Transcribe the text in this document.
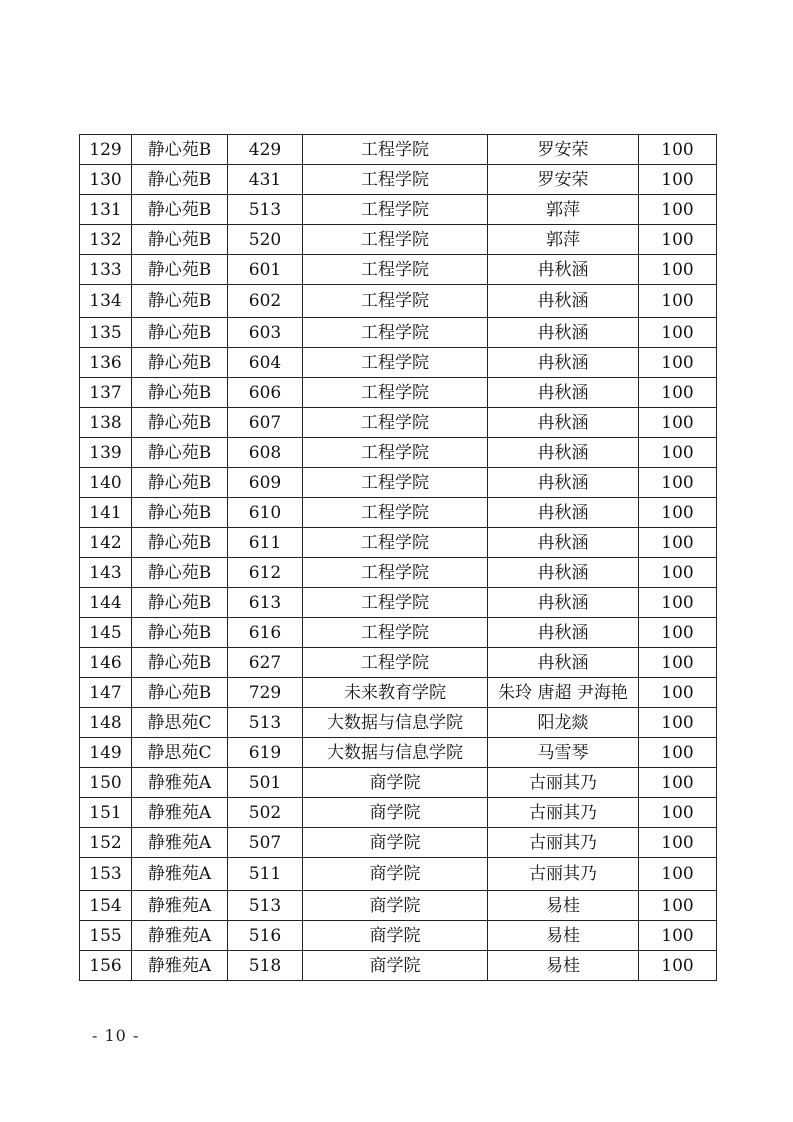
129	静心苑B	429	工程学院	罗安荣	100
130	静心苑B	431	工程学院	罗安荣	100
131	静心苑B	513	工程学院	郭萍	100
132	静心苑B	520	工程学院	郭萍	100
133	静心苑B	601	工程学院	冉秋涵	100
134	静心苑B	602	工程学院	冉秋涵	100
135	静心苑B	603	工程学院	冉秋涵	100
136	静心苑B	604	工程学院	冉秋涵	100
137	静心苑B	606	工程学院	冉秋涵	100
138	静心苑B	607	工程学院	冉秋涵	100
139	静心苑B	608	工程学院	冉秋涵	100
140	静心苑B	609	工程学院	冉秋涵	100
141	静心苑B	610	工程学院	冉秋涵	100
142	静心苑B	611	工程学院	冉秋涵	100
143	静心苑B	612	工程学院	冉秋涵	100
144	静心苑B	613	工程学院	冉秋涵	100
145	静心苑B	616	工程学院	冉秋涵	100
146	静心苑B	627	工程学院	冉秋涵	100
147	静心苑B	729	未来教育学院	朱玲 唐超 尹海艳	100
148	静思苑C	513	大数据与信息学院	阳龙燚	100
149	静思苑C	619	大数据与信息学院	马雪琴	100
150	静雅苑A	501	商学院	古丽其乃	100
151	静雅苑A	502	商学院	古丽其乃	100
152	静雅苑A	507	商学院	古丽其乃	100
153	静雅苑A	511	商学院	古丽其乃	100
154	静雅苑A	513	商学院	易桂	100
155	静雅苑A	516	商学院	易桂	100
156	静雅苑A	518	商学院	易桂	100
- 10 -
